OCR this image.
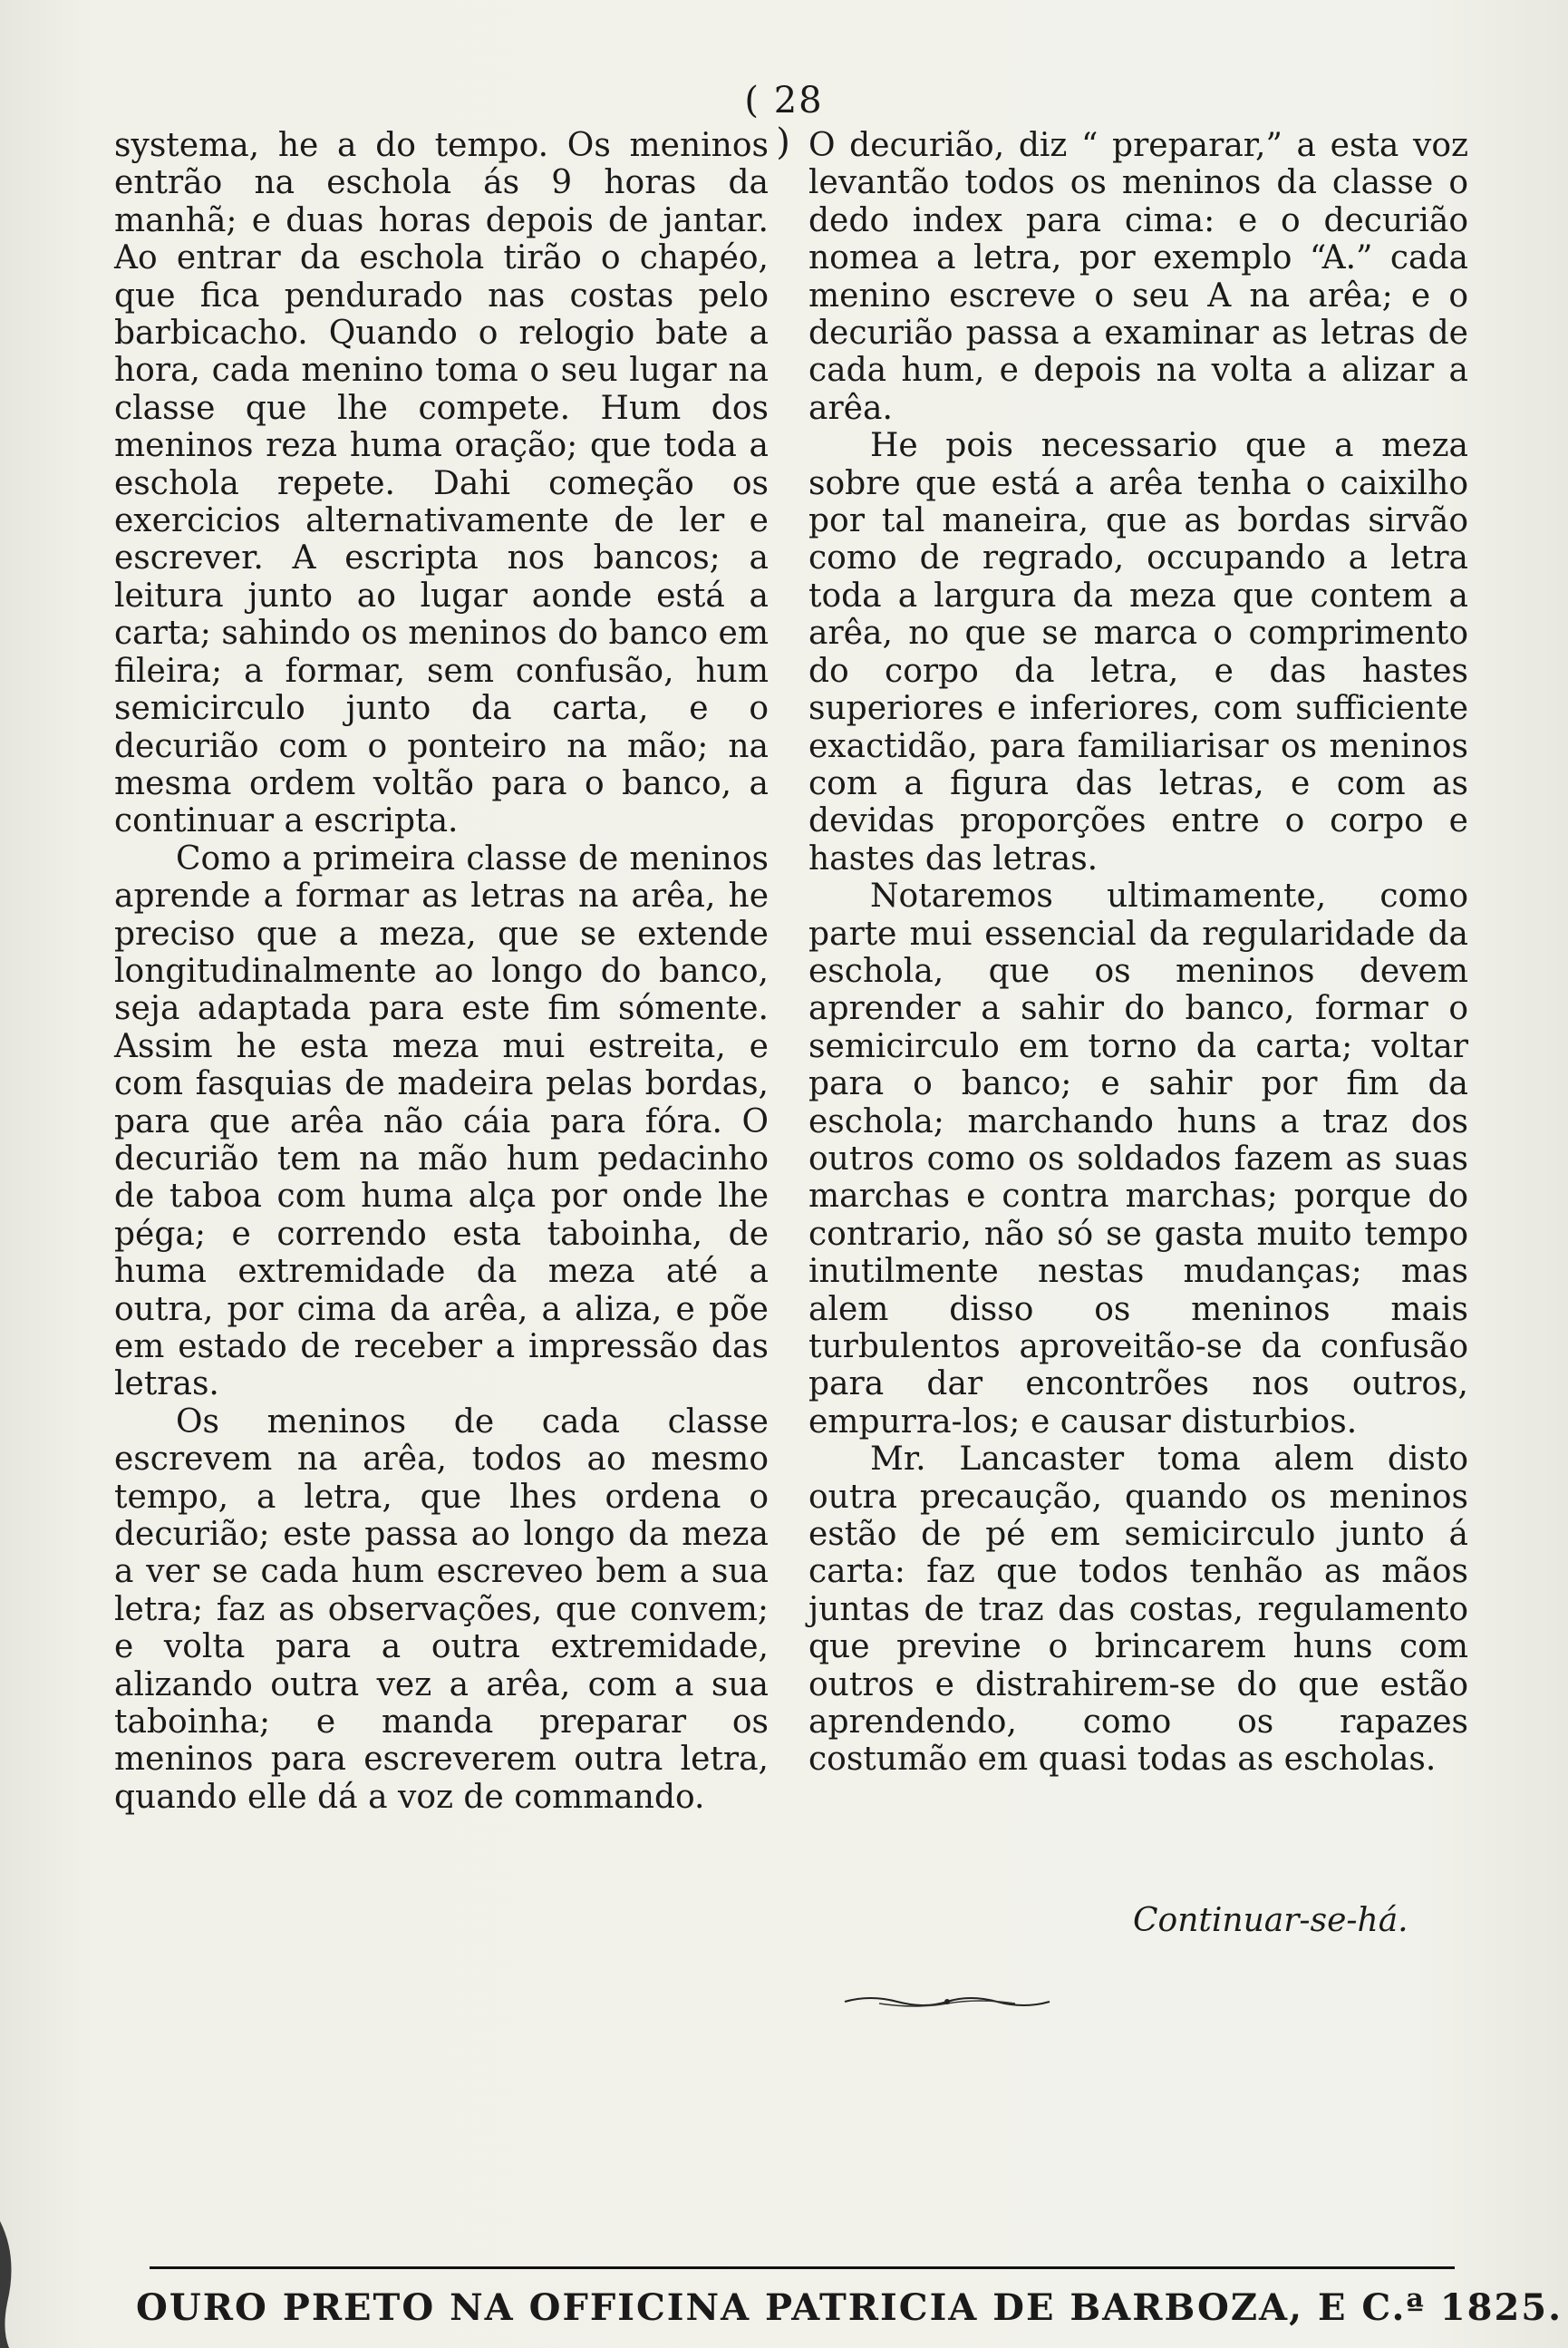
( 28 )

systema, he a do tempo. Os meninos entrão na eschola ás 9 horas da manhã; e duas horas depois de jantar. Ao entrar da eschola tirão o chapéo, que fica pendurado nas costas pelo barbicacho. Quando o relogio bate a hora, cada menino toma o seu lugar na classe que lhe compete. Hum dos meninos reza huma oração; que toda a eschola repete. Dahi começão os exercicios alternativamente de ler e escrever. A escripta nos bancos; a leitura junto ao lugar aonde está a carta; sahindo os meninos do banco em fileira; a formar, sem confusão, hum semicirculo junto da carta, e o decurião com o ponteiro na mão; na mesma ordem voltão para o banco, a continuar a escripta.

Como a primeira classe de meninos aprende a formar as letras na arêa, he preciso que a meza, que se extende longitudinalmente ao longo do banco, seja adaptada para este fim sómente. Assim he esta meza mui estreita, e com fasquias de madeira pelas bordas, para que arêa não cáia para fóra. O decurião tem na mão hum pedacinho de taboa com huma alça por onde lhe péga; e correndo esta taboinha, de huma extremidade da meza até a outra, por cima da arêa, a aliza, e põe em estado de receber a impressão das letras.

Os meninos de cada classe escrevem na arêa, todos ao mesmo tempo, a letra, que lhes ordena o decurião; este passa ao longo da meza a ver se cada hum escreveo bem a sua letra; faz as observações, que convem; e volta para a outra extremidade, alizando outra vez a arêa, com a sua taboinha; e manda preparar os meninos para escreverem outra letra, quando elle dá a voz de commando.

O decurião, diz “ preparar,” a esta voz levantão todos os meninos da classe o dedo index para cima: e o decurião nomea a letra, por exemplo “A.” cada menino escreve o seu A na arêa; e o decurião passa a examinar as letras de cada hum, e depois na volta a alizar a arêa.

He pois necessario que a meza sobre que está a arêa tenha o caixilho por tal maneira, que as bordas sirvão como de regrado, occupando a letra toda a largura da meza que contem a arêa, no que se marca o comprimento do corpo da letra, e das hastes superiores e inferiores, com sufficiente exactidão, para familiarisar os meninos com a figura das letras, e com as devidas proporções entre o corpo e hastes das letras.

Notaremos ultimamente, como parte mui essencial da regularidade da eschola, que os meninos devem aprender a sahir do banco, formar o semicirculo em torno da carta; voltar para o banco; e sahir por fim da eschola; marchando huns a traz dos outros como os soldados fazem as suas marchas e contra marchas; porque do contrario, não só se gasta muito tempo inutilmente nestas mudanças; mas alem disso os meninos mais turbulentos aproveitão-se da confusão para dar encontrões nos outros, empurra-los; e causar disturbios.

Mr. Lancaster toma alem disto outra precaução, quando os meninos estão de pé em semicirculo junto á carta: faz que todos tenhão as mãos juntas de traz das costas, regulamento que previne o brincarem huns com outros e distrahirem-se do que estão aprendendo, como os rapazes costumão em quasi todas as escholas.

Continuar-se-há.
OURO PRETO NA OFFICINA PATRICIA DE BARBOZA, E C.ª 1825.
